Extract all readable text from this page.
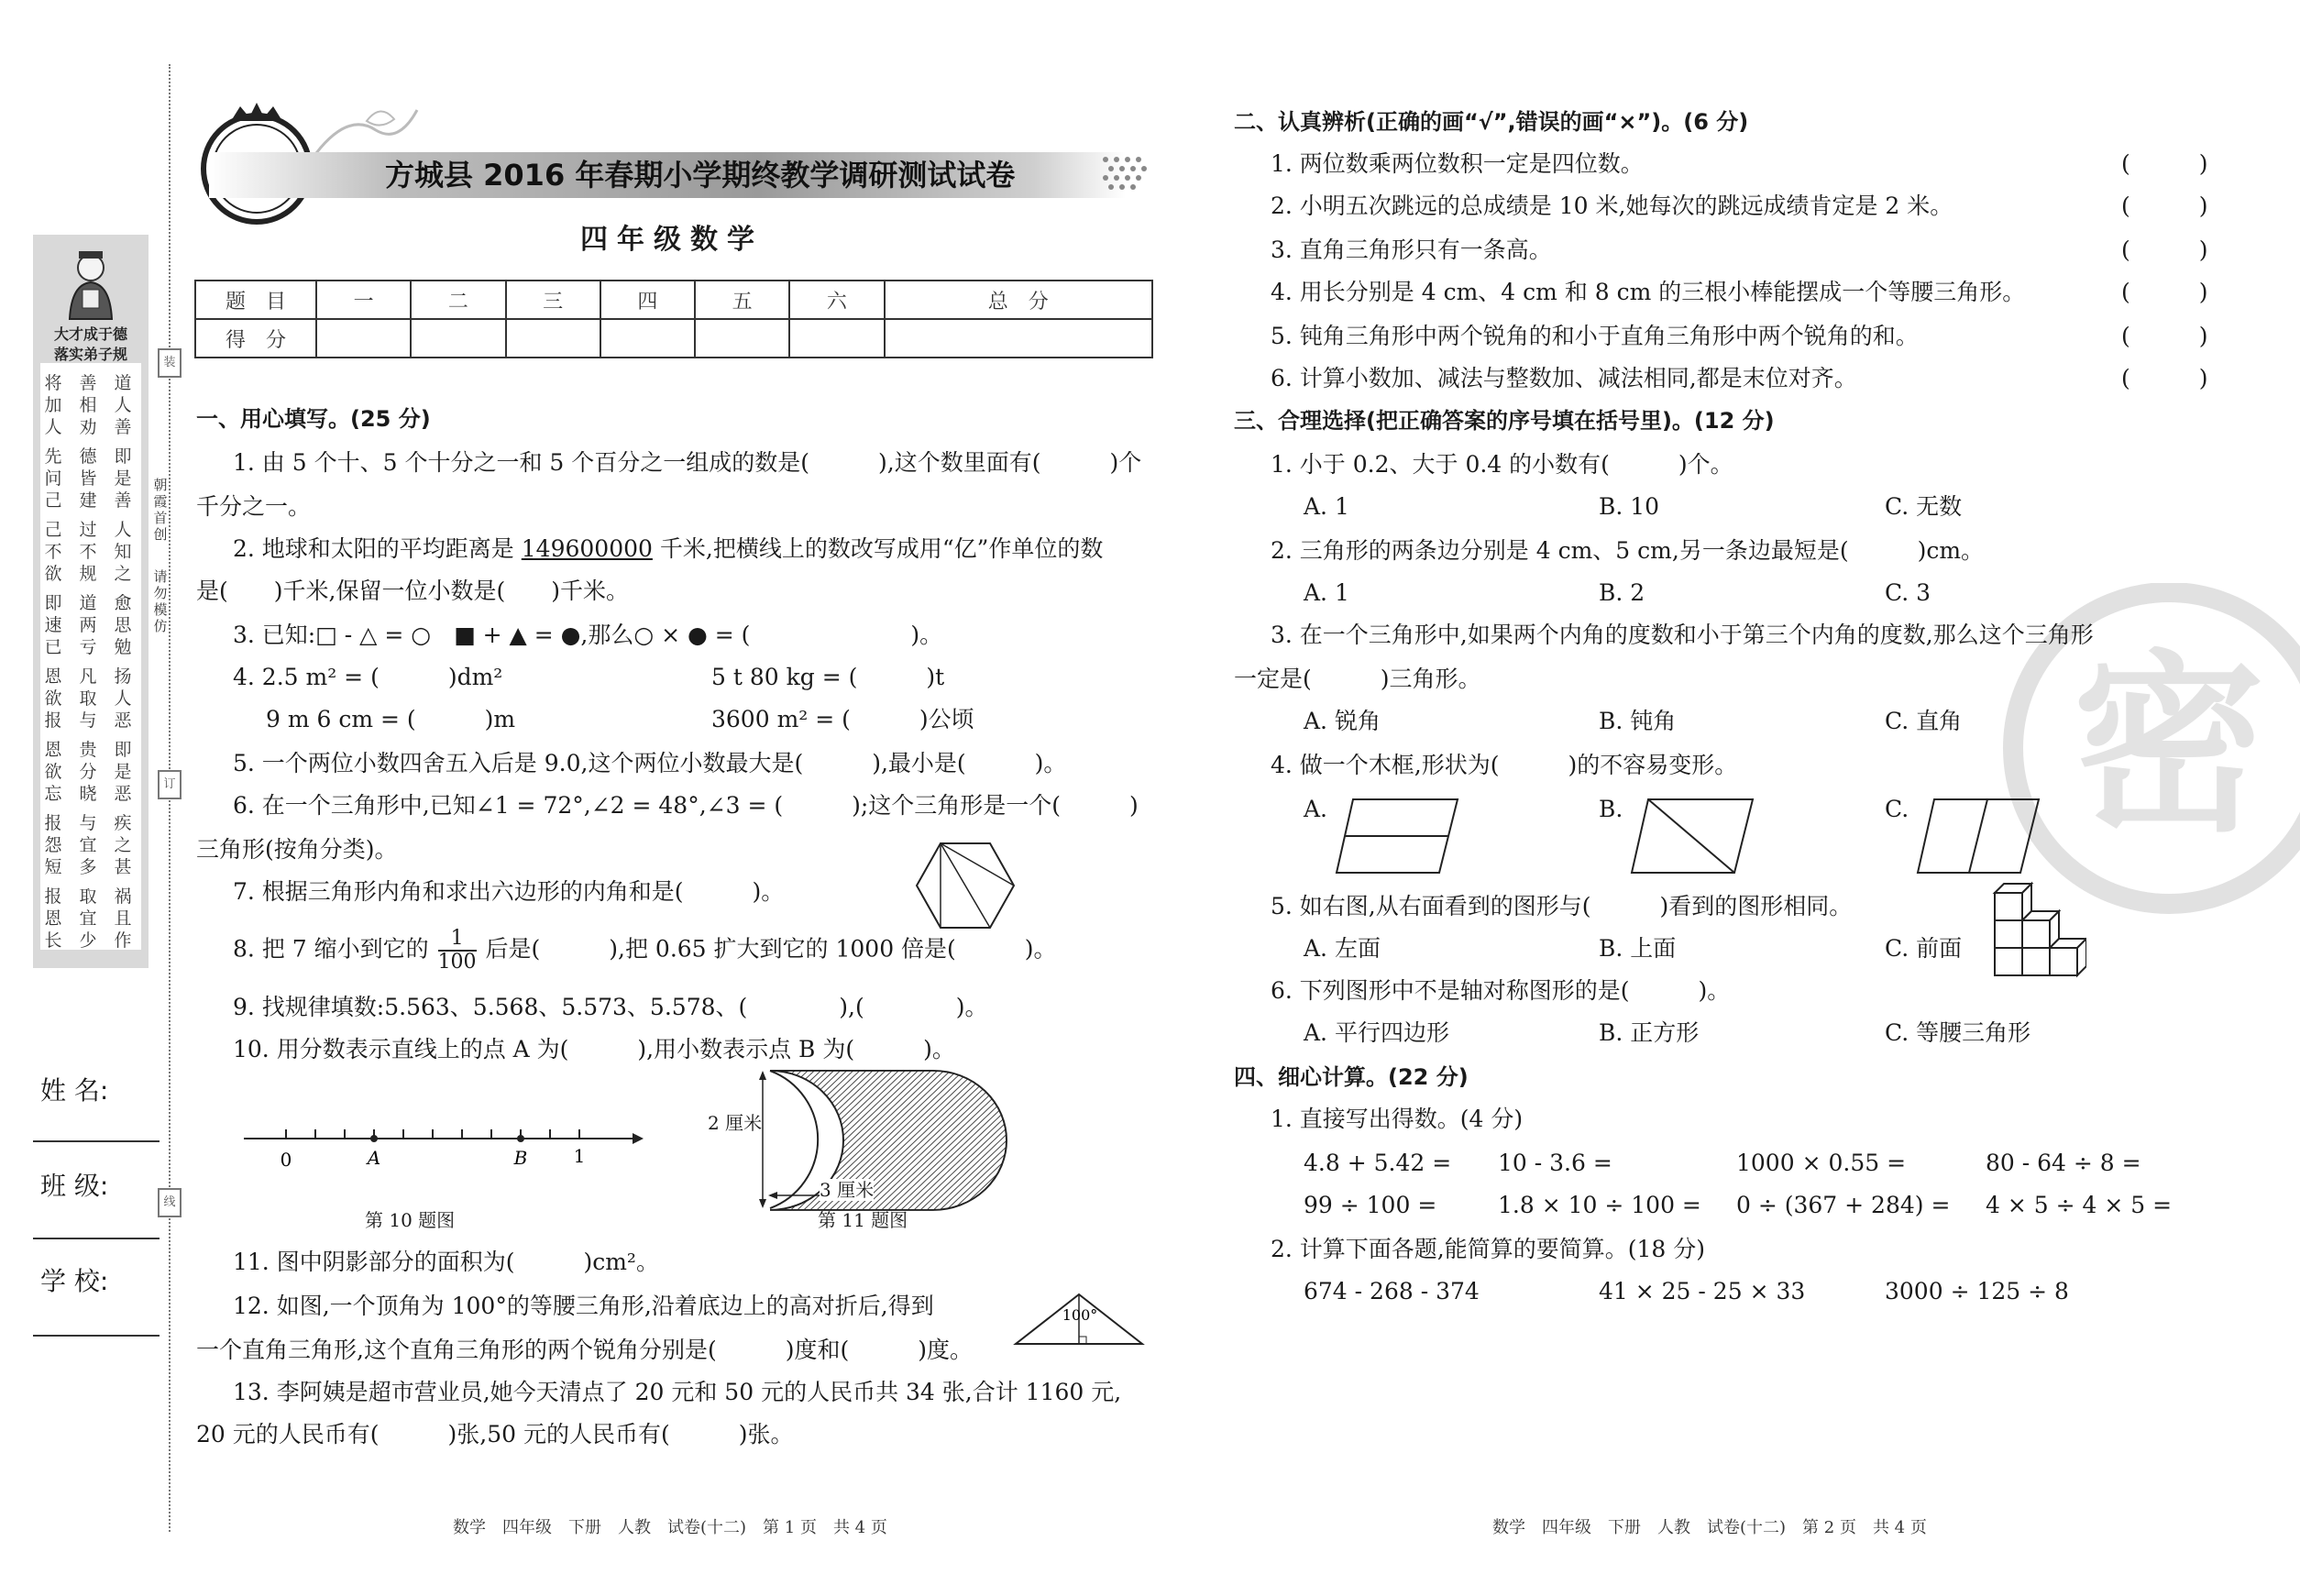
大才成于德
落实弟子规
将加人
善相劝
道人善
先问己
德皆建
即是善
己不欲
过不规
人知之
即速已
道两亏
愈思勉
恩欲报
凡取与
扬人恶
恩欲忘
贵分晓
即是恶
报怨短
与宜多
疾之甚
报恩长
取宜少
祸且作
装
朝霞首创
请勿模仿
订
线
姓 名:
班 级:
学 校:
方城县 2016 年春期小学期终教学调研测试试卷
四年级数学
题　目	一	二	三	四	五	六	总　分
得　分							
一、用心填写。(25 分)
1. 由 5 个十、5 个十分之一和 5 个百分之一组成的数是(　　　),这个数里面有(　　　)个
千分之一。
2. 地球和太阳的平均距离是 149600000 千米,把横线上的数改写成用“亿”作单位的数
是(　　)千米,保留一位小数是(　　)千米。
3. 已知:□ - △ = ○　■ + ▲ = ●,那么○ × ● = (　　　　　　　)。
4. 2.5 m² = (　　　)dm²	5 t 80 kg = (　　　)t
9 m 6 cm = (　　　)m	3600 m² = (　　　)公顷
5. 一个两位小数四舍五入后是 9.0,这个两位小数最大是(　　　),最小是(　　　)。
6. 在一个三角形中,已知∠1 = 72°,∠2 = 48°,∠3 = (　　　);这个三角形是一个(　　　)
三角形(按角分类)。
7. 根据三角形内角和求出六边形的内角和是(　　　)。
8. 把 7 缩小到它的 $\frac{1}{100}$ 后是(　　　),把 0.65 扩大到它的 1000 倍是(　　　)。
9. 找规律填数:5.563、5.568、5.573、5.578、(　　　　),(　　　　)。
10. 用分数表示直线上的点 A 为(　　　),用小数表示点 B 为(　　　)。
0	A	B	1
第 10 题图
2 厘米
3 厘米
第 11 题图
11. 图中阴影部分的面积为(　　　)cm²。
12. 如图,一个顶角为 100°的等腰三角形,沿着底边上的高对折后,得到
一个直角三角形,这个直角三角形的两个锐角分别是(　　　)度和(　　　)度。
100°
13. 李阿姨是超市营业员,她今天清点了 20 元和 50 元的人民币共 34 张,合计 1160 元,
20 元的人民币有(　　　)张,50 元的人民币有(　　　)张。
数学　四年级　下册　人教　试卷(十二)　第 1 页　共 4 页
密
二、认真辨析(正确的画“√”,错误的画“×”)。(6 分)
1. 两位数乘两位数积一定是四位数。	(　　　)
2. 小明五次跳远的总成绩是 10 米,她每次的跳远成绩肯定是 2 米。	(　　　)
3. 直角三角形只有一条高。	(　　　)
4. 用长分别是 4 cm、4 cm 和 8 cm 的三根小棒能摆成一个等腰三角形。	(　　　)
5. 钝角三角形中两个锐角的和小于直角三角形中两个锐角的和。	(　　　)
6. 计算小数加、减法与整数加、减法相同,都是末位对齐。	(　　　)
三、合理选择(把正确答案的序号填在括号里)。(12 分)
1. 小于 0.2、大于 0.4 的小数有(　　　)个。
A. 1	B. 10	C. 无数
2. 三角形的两条边分别是 4 cm、5 cm,另一条边最短是(　　　)cm。
A. 1	B. 2	C. 3
3. 在一个三角形中,如果两个内角的度数和小于第三个内角的度数,那么这个三角形
一定是(　　　)三角形。
A. 锐角	B. 钝角	C. 直角
4. 做一个木框,形状为(　　　)的不容易变形。
A.	B.	C.
5. 如右图,从右面看到的图形与(　　　)看到的图形相同。
A. 左面	B. 上面	C. 前面
6. 下列图形中不是轴对称图形的是(　　　)。
A. 平行四边形	B. 正方形	C. 等腰三角形
四、细心计算。(22 分)
1. 直接写出得数。(4 分)
4.8 + 5.42 = 10 - 3.6 =	1000 × 0.55 =	80 - 64 ÷ 8 =
99 ÷ 100 =	1.8 × 10 ÷ 100 = 0 ÷ (367 + 284) = 4 × 5 ÷ 4 × 5 =
2. 计算下面各题,能简算的要简算。(18 分)
674 - 268 - 374	41 × 25 - 25 × 33	3000 ÷ 125 ÷ 8
数学　四年级　下册　人教　试卷(十二)　第 2 页　共 4 页
